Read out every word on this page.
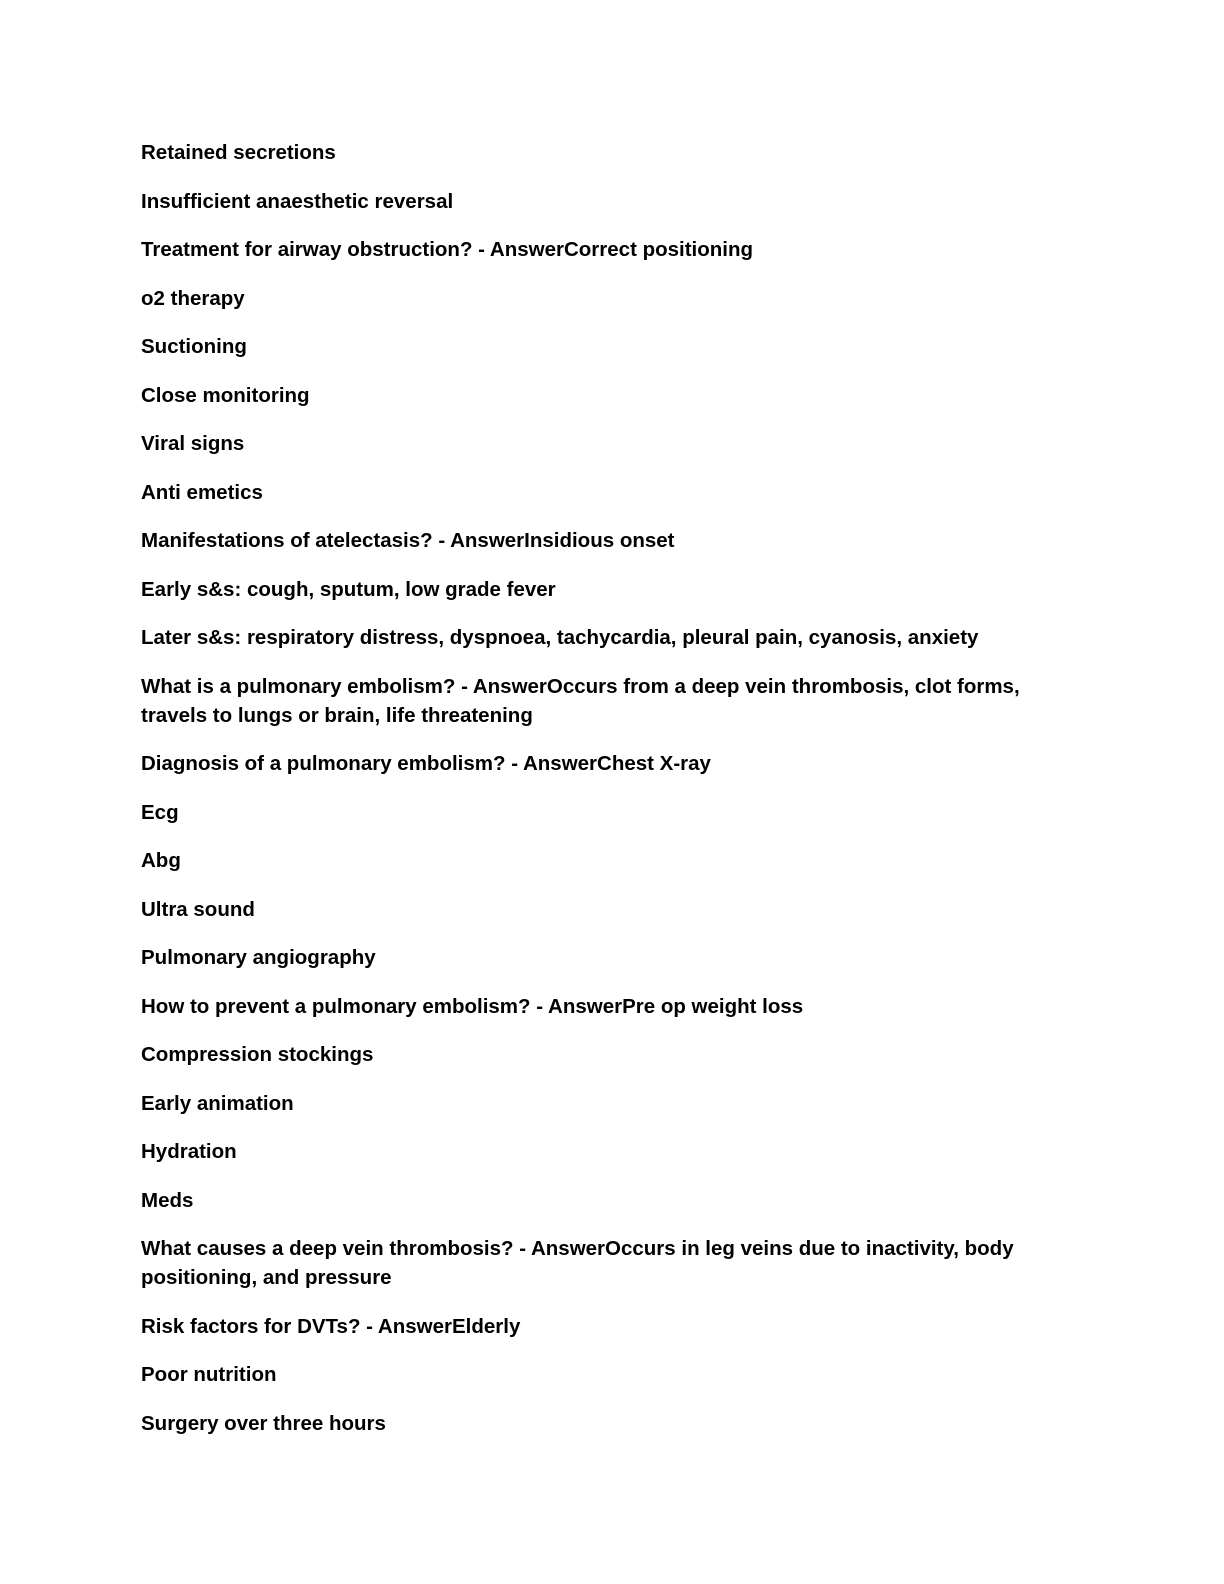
Retained secretions

Insufficient anaesthetic reversal

Treatment for airway obstruction? - AnswerCorrect positioning

o2 therapy

Suctioning

Close monitoring

Viral signs

Anti emetics

Manifestations of atelectasis? - AnswerInsidious onset

Early s&s: cough, sputum, low grade fever

Later s&s: respiratory distress, dyspnoea, tachycardia, pleural pain, cyanosis, anxiety

What is a pulmonary embolism? - AnswerOccurs from a deep vein thrombosis, clot forms, travels to lungs or brain, life threatening

Diagnosis of a pulmonary embolism? - AnswerChest X-ray

Ecg

Abg

Ultra sound

Pulmonary angiography

How to prevent a pulmonary embolism? - AnswerPre op weight loss

Compression stockings

Early animation

Hydration

Meds

What causes a deep vein thrombosis? - AnswerOccurs in leg veins due to inactivity, body positioning, and pressure

Risk factors for DVTs? - AnswerElderly

Poor nutrition

Surgery over three hours
